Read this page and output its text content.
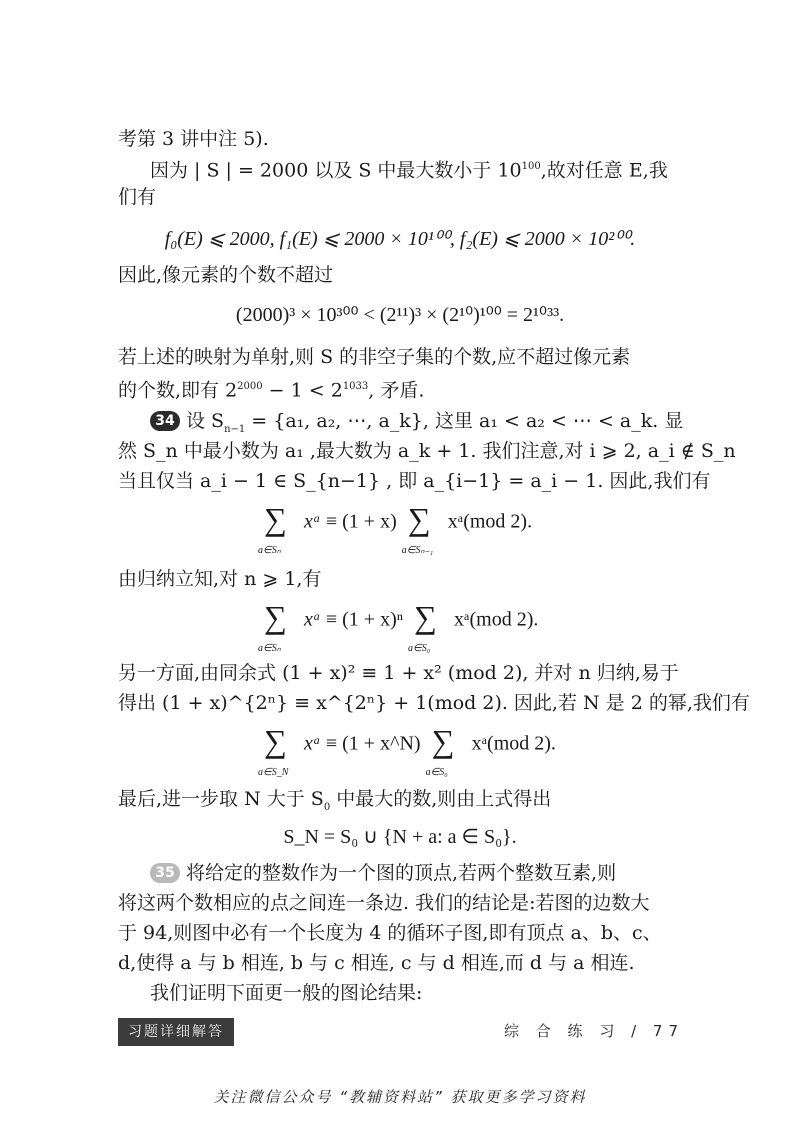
考第 3 讲中注 5).
因为 | S | = 2000 以及 S 中最大数小于 $10^{100}$,故对任意 E,我
们有
f₀(E) ⩽ 2000, f₁(E) ⩽ 2000 × 10¹⁰⁰, f₂(E) ⩽ 2000 × 10²⁰⁰.
因此,像元素的个数不超过
(2000)³ × 10³⁰⁰ < (2¹¹)³ × (2¹⁰)¹⁰⁰ = 2¹⁰³³.
若上述的映射为单射,则 S 的非空子集的个数,应不超过像元素
的个数,即有 $2^{2000} - 1 < 2^{1033}$, 矛盾.
34 设 $S_{n-1} = \{a_1$, a₂, ⋯, a_k}, 这里 a₁ < a₂ < ⋯ < a_k. 显
然 S_n 中最小数为 a₁ ,最大数为 a_k + 1. 我们注意,对 i ⩾ 2, a_i ∉ S_n
当且仅当 a_i − 1 ∈ S_{n−1} , 即 a_{i−1} = a_i − 1. 因此,我们有
∑
a∈Sₙ
xᵃ ≡ (1 + x) ∑
a∈Sₙ₋₁
xᵃ(mod 2).
由归纳立知,对 n ⩾ 1,有
∑
a∈Sₙ
xᵃ ≡ (1 + x)ⁿ ∑
a∈S₀
xᵃ(mod 2).
另一方面,由同余式 (1 + x)² ≡ 1 + x² (mod 2), 并对 n 归纳,易于
得出 (1 + x)^{2ⁿ} ≡ x^{2ⁿ} + 1(mod 2). 因此,若 N 是 2 的幂,我们有
∑
a∈S_N
xᵃ ≡ (1 + x^N) ∑
a∈S₀
xᵃ(mod 2).
最后,进一步取 N 大于 $S_0$ 中最大的数,则由上式得出
S_N = S₀ ∪ {N + a: a ∈ S₀}.
35 将给定的整数作为一个图的顶点,若两个整数互素,则
将这两个数相应的点之间连一条边. 我们的结论是:若图的边数大
于 94,则图中必有一个长度为 4 的循环子图,即有顶点 a、b、c、
d,使得 a 与 b 相连, b 与 c 相连, c 与 d 相连,而 d 与 a 相连.
我们证明下面更一般的图论结果:
习题详细解答	综 合 练 习 / 77
关注微信公众号 “教辅资料站” 获取更多学习资料
